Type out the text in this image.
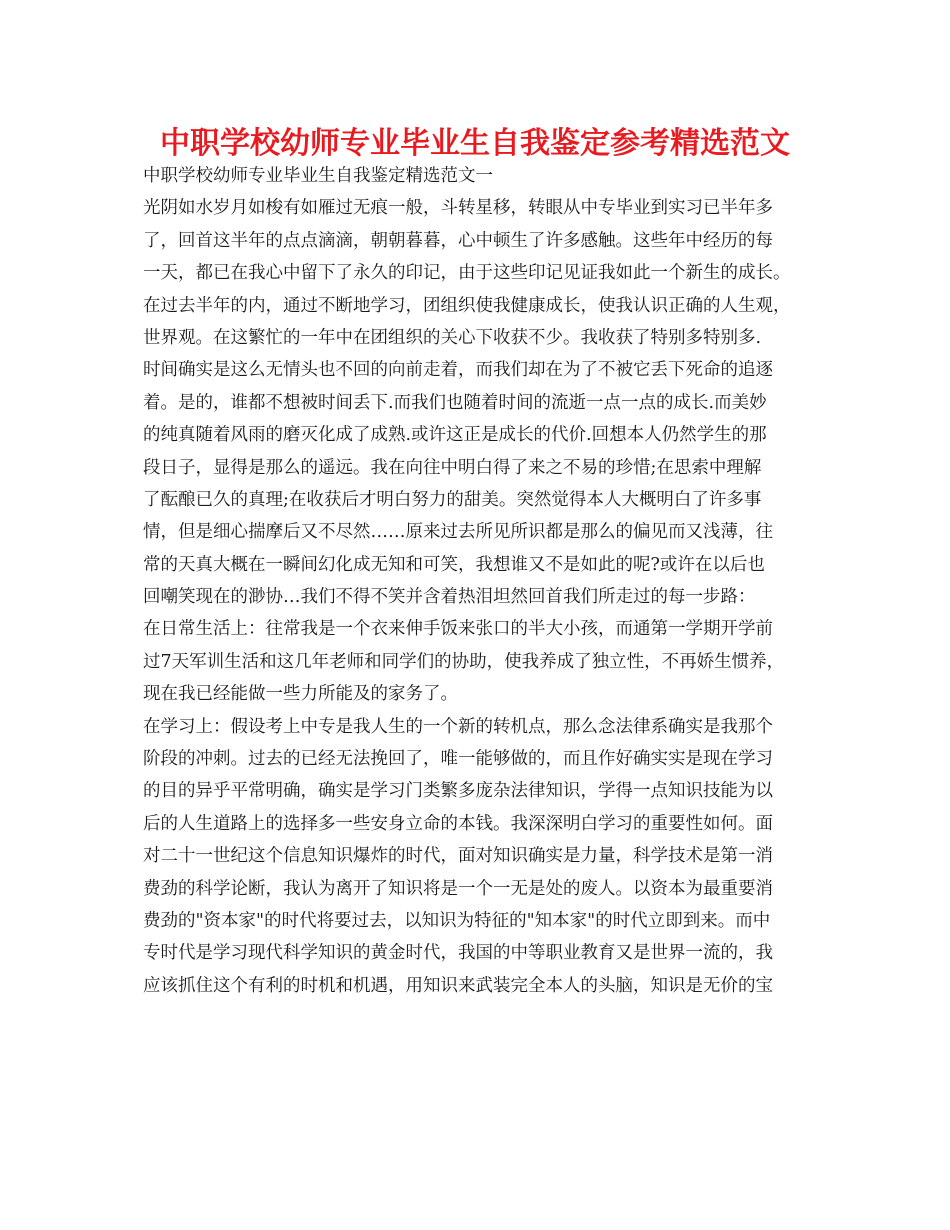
中职学校幼师专业毕业生自我鉴定参考精选范文
中职学校幼师专业毕业生自我鉴定精选范文一
光阴如水岁月如梭有如雁过无痕一般，斗转星移，转眼从中专毕业到实习已半年多
了，回首这半年的点点滴滴，朝朝暮暮，心中顿生了许多感触。这些年中经历的每
一天，都已在我心中留下了永久的印记，由于这些印记见证我如此一个新生的成长。
在过去半年的内，通过不断地学习，团组织使我健康成长，使我认识正确的人生观，
世界观。在这繁忙的一年中在团组织的关心下收获不少。我收获了特别多特别多.
时间确实是这么无情头也不回的向前走着，而我们却在为了不被它丢下死命的追逐
着。是的，谁都不想被时间丢下.而我们也随着时间的流逝一点一点的成长.而美妙
的纯真随着风雨的磨灭化成了成熟.或许这正是成长的代价.回想本人仍然学生的那
段日子，显得是那么的遥远。我在向往中明白得了来之不易的珍惜;在思索中理解
了酝酿已久的真理;在收获后才明白努力的甜美。突然觉得本人大概明白了许多事
情，但是细心揣摩后又不尽然……原来过去所见所识都是那么的偏见而又浅薄，往
常的天真大概在一瞬间幻化成无知和可笑，我想谁又不是如此的呢?或许在以后也
回嘲笑现在的渺协…我们不得不笑并含着热泪坦然回首我们所走过的每一步路：
在日常生活上：往常我是一个衣来伸手饭来张口的半大小孩，而通第一学期开学前
过7天军训生活和这几年老师和同学们的协助，使我养成了独立性，不再娇生惯养，
现在我已经能做一些力所能及的家务了。
在学习上：假设考上中专是我人生的一个新的转机点，那么念法律系确实是我那个
阶段的冲刺。过去的已经无法挽回了，唯一能够做的，而且作好确实实是现在学习
的目的异乎平常明确，确实是学习门类繁多庞杂法律知识，学得一点知识技能为以
后的人生道路上的选择多一些安身立命的本钱。我深深明白学习的重要性如何。面
对二十一世纪这个信息知识爆炸的时代，面对知识确实是力量，科学技术是第一消
费劲的科学论断，我认为离开了知识将是一个一无是处的废人。以资本为最重要消
费劲的"资本家"的时代将要过去，以知识为特征的"知本家"的时代立即到来。而中
专时代是学习现代科学知识的黄金时代，我国的中等职业教育又是世界一流的，我
应该抓住这个有利的时机和机遇，用知识来武装完全本人的头脑，知识是无价的宝
